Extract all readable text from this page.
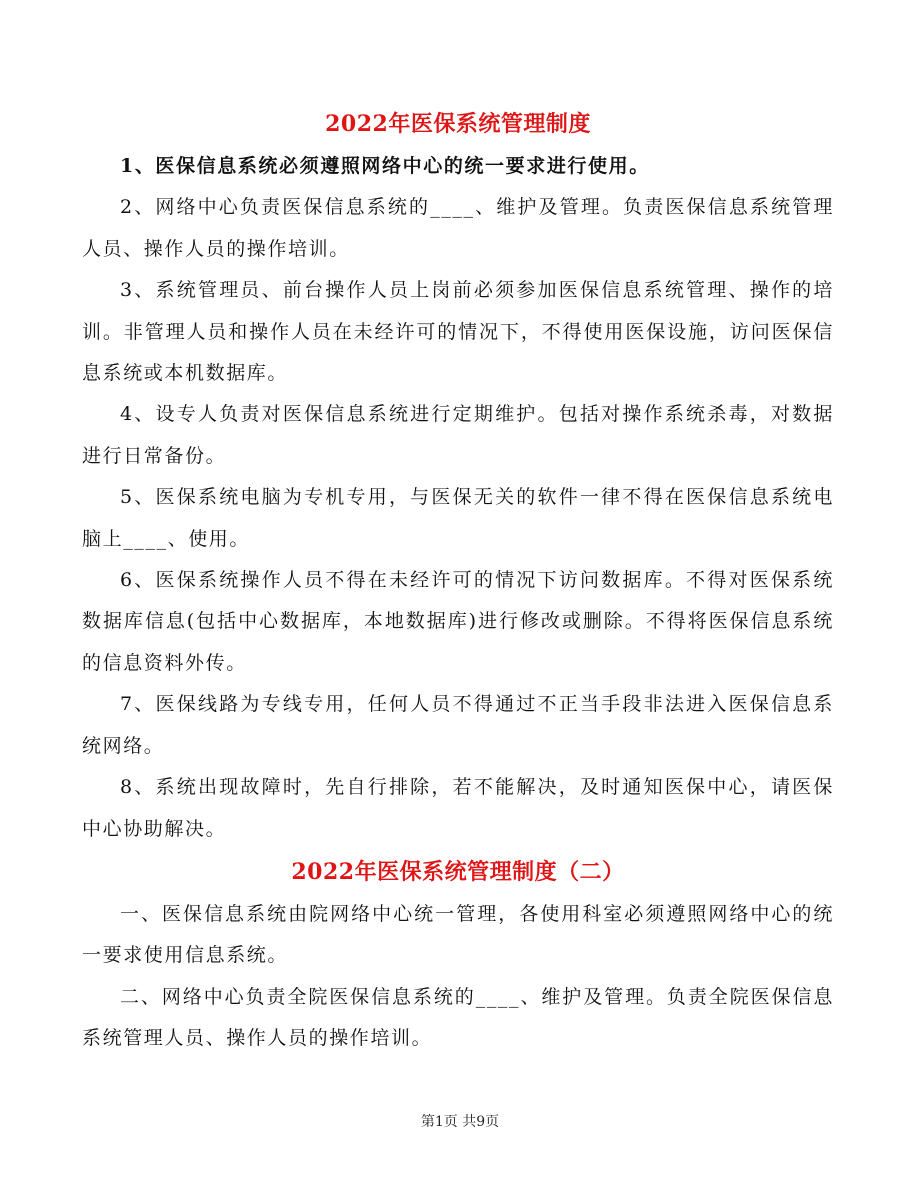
2022年医保系统管理制度

1、医保信息系统必须遵照网络中心的统一要求进行使用。

2、网络中心负责医保信息系统的____、维护及管理。负责医保信息系统管理人员、操作人员的操作培训。

3、系统管理员、前台操作人员上岗前必须参加医保信息系统管理、操作的培训。非管理人员和操作人员在未经许可的情况下，不得使用医保设施，访问医保信息系统或本机数据库。

4、设专人负责对医保信息系统进行定期维护。包括对操作系统杀毒，对数据进行日常备份。

5、医保系统电脑为专机专用，与医保无关的软件一律不得在医保信息系统电脑上____、使用。

6、医保系统操作人员不得在未经许可的情况下访问数据库。不得对医保系统数据库信息(包括中心数据库，本地数据库)进行修改或删除。不得将医保信息系统的信息资料外传。

7、医保线路为专线专用，任何人员不得通过不正当手段非法进入医保信息系统网络。

8、系统出现故障时，先自行排除，若不能解决，及时通知医保中心，请医保中心协助解决。

2022年医保系统管理制度（二）

一、医保信息系统由院网络中心统一管理，各使用科室必须遵照网络中心的统一要求使用信息系统。

二、网络中心负责全院医保信息系统的____、维护及管理。负责全院医保信息系统管理人员、操作人员的操作培训。

第1页 共9页
